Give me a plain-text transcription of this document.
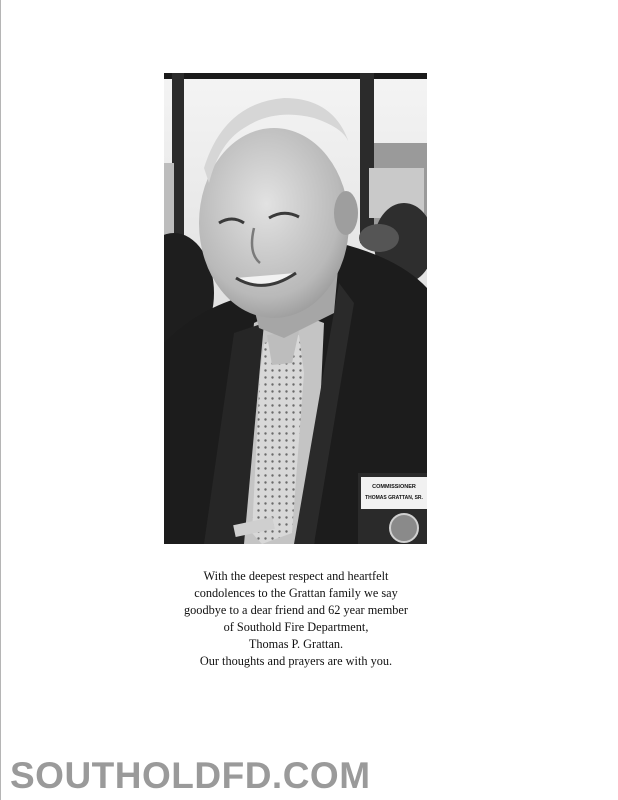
COMMISSIONER
THOMAS GRATTAN, SR.
With the deepest respect and heartfelt
condolences to the Grattan family we say
goodbye to a dear friend and 62 year member
of Southold Fire Department,
Thomas P. Grattan.
Our thoughts and prayers are with you.
SOUTHOLDFD.COM
